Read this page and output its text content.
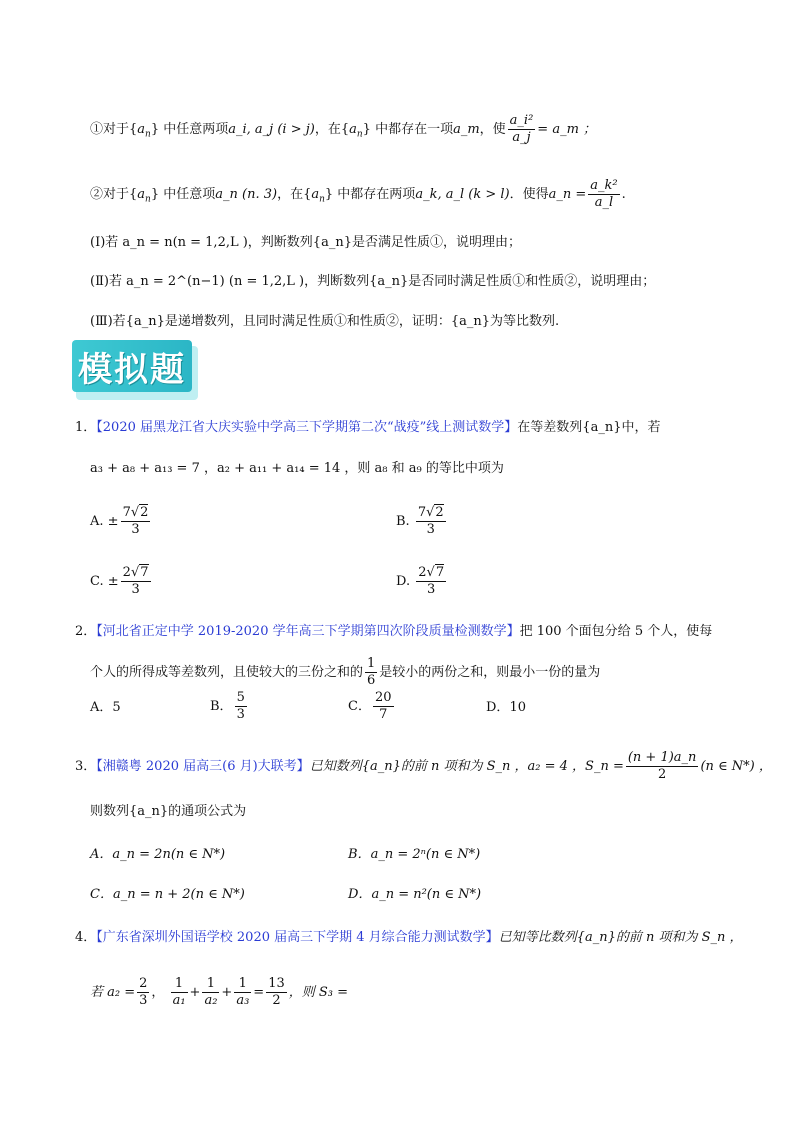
①对于$\{a_n\}$ 中任意两项a_i, a_j (i > j)，在$\{a_n\}$ 中都存在一项a_m，使 $\frac{\text{a\_i²}}{a\_j}$ = a_m ；
②对于$\{a_n\}$ 中任意项a_n (n. 3)，在$\{a_n\}$ 中都存在两项a_k, a_l (k > l)．使得a_n = $\frac{\text{a\_k²}}{a\_l}$ .
(Ⅰ)若 a_n = n(n = 1,2,L )，判断数列{a_n}是否满足性质①，说明理由；
(Ⅱ)若 a_n = 2^(n−1) (n = 1,2,L )，判断数列{a_n}是否同时满足性质①和性质②，说明理由；
(Ⅲ)若{a_n}是递增数列，且同时满足性质①和性质②，证明：{a_n}为等比数列.
模拟题
1．【2020 届黑龙江省大庆实验中学高三下学期第二次“战疫”线上测试数学】在等差数列{a_n}中，若
a₃ + a₈ + a₁₃ = 7 ，a₂ + a₁₁ + a₁₄ = 14 ，则 a₈ 和 a₉ 的等比中项为
A. ± $\frac{7√2}{3}$	B. $\frac{7√2}{3}$
C. ± $\frac{2√7}{3}$	D. $\frac{2√7}{3}$
2．【河北省正定中学 2019-2020 学年高三下学期第四次阶段质量检测数学】把 100 个面包分给 5 个人，使每
个人的所得成等差数列，且使较大的三份之和的 $\frac{1}{6}$ 是较小的两份之和，则最小一份的量为
A．5	B． $\frac{5}{3}$	C． $\frac{20}{7}$	D．10
3．【湘赣粤 2020 届高三(6 月)大联考】已知数列{a_n}的前 n 项和为 S_n ，a₂ = 4 ，S_n = $\frac{(n + 1)a\_n}{2} (n$ ∈ N*) ，
则数列{a_n}的通项公式为
A．a_n = 2n(n ∈ N*)	B．a_n = 2ⁿ(n ∈ N*)
C．a_n = n + 2(n ∈ N*)	D．a_n = n²(n ∈ N*)
4．【广东省深圳外国语学校 2020 届高三下学期 4 月综合能力测试数学】已知等比数列{a_n}的前 n 项和为 S_n ，
若 $a_2 = \frac{2}{3}$ ， $\frac{1}{\text{a₁}} + \frac{1}{\text{a₂}} + \frac{1}{\text{a₃}} = \frac{13}{2}$ ，则 S₃ =
